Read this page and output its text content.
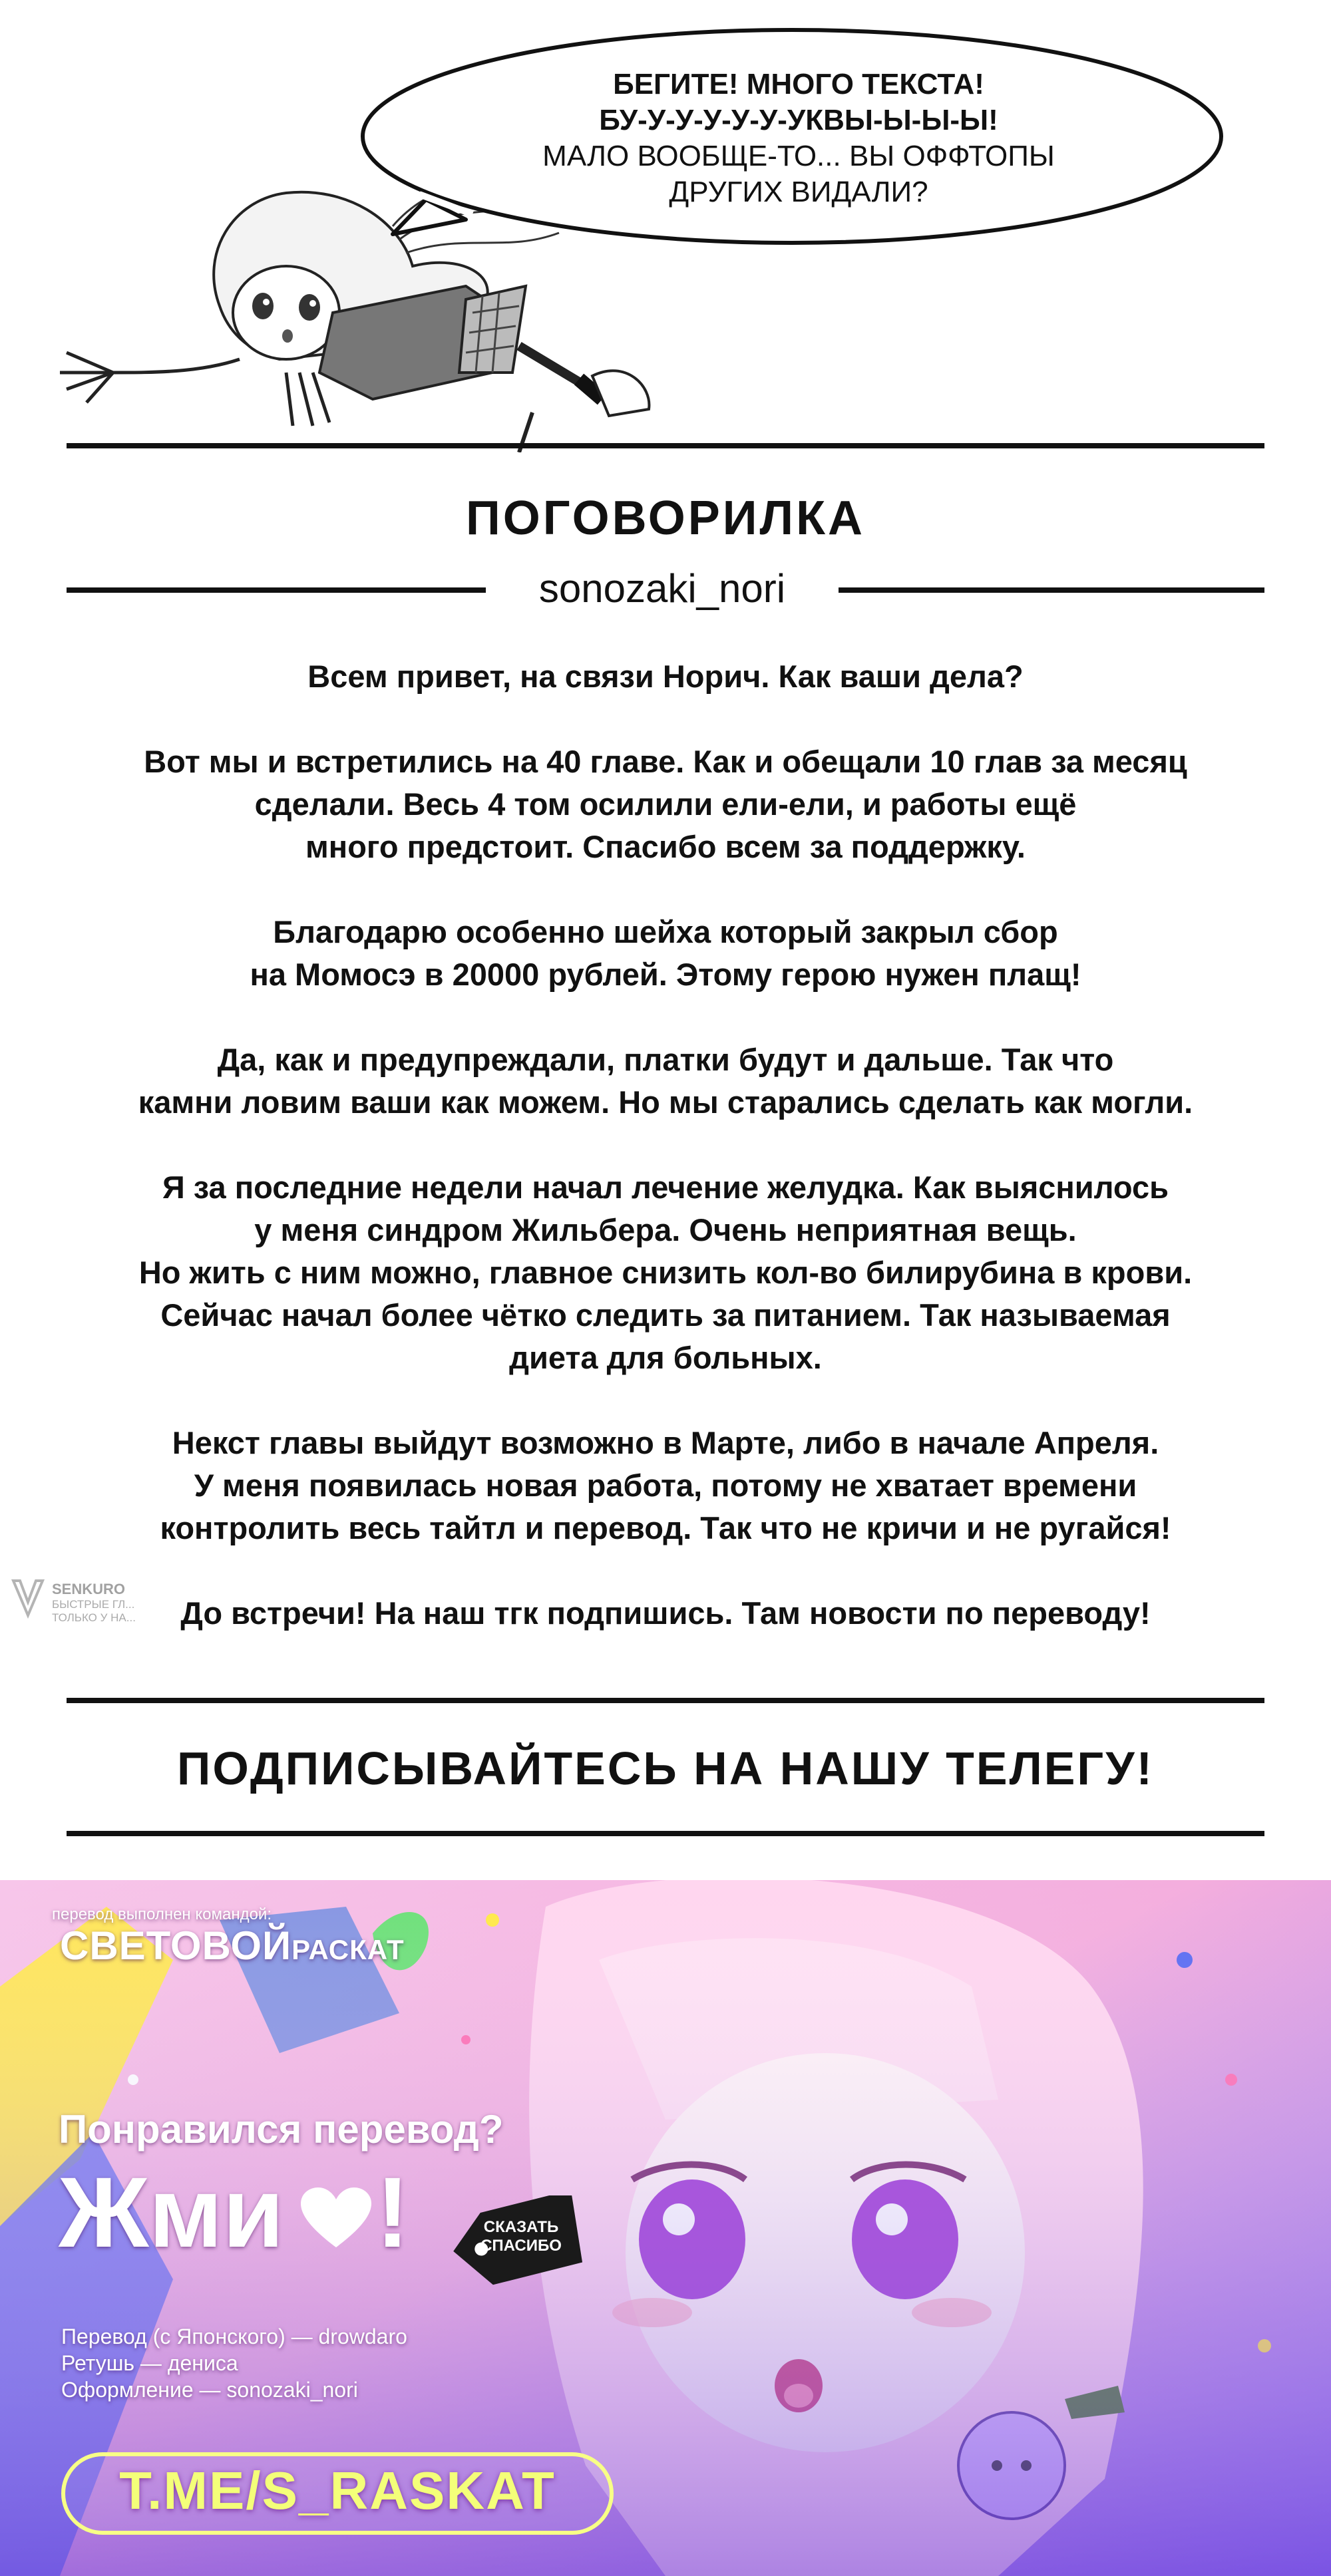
БЕГИТЕ! МНОГО ТЕКСТА!
БУ-У-У-У-У-У-УКВЫ-Ы-Ы-Ы!
МАЛО ВООБЩЕ-ТО... ВЫ ОФФТОПЫ
ДРУГИХ ВИДАЛИ?
ПОГОВОРИЛКА
sonozaki_nori

Всем привет, на связи Норич. Как ваши дела?

Вот мы и встретились на 40 главе. Как и обещали 10 глав за месяц
сделали. Весь 4 том осилили ели-ели, и работы ещё
много предстоит. Спасибо всем за поддержку.

Благодарю особенно шейха который закрыл сбор
на Момосэ в 20000 рублей. Этому герою нужен плащ!

Да, как и предупреждали, платки будут и дальше. Так что
камни ловим ваши как можем. Но мы старались сделать как могли.

Я за последние недели начал лечение желудка. Как выяснилось
у меня синдром Жильбера. Очень неприятная вещь.
Но жить с ним можно, главное снизить кол-во билирубина в крови.
Сейчас начал более чётко следить за питанием. Так называемая
диета для больных.

Некст главы выйдут возможно в Марте, либо в начале Апреля.
У меня появилась новая работа, потому не хватает времени
контролить весь тайтл и перевод. Так что не кричи и не ругайся!

До встречи! На наш тгк подпишись. Там новости по переводу!

SENKURO
БЫСТРЫЕ ГЛ... ТОЛЬКО У НА...
ПОДПИСЫВАЙТЕСЬ НА НАШУ ТЕЛЕГУ!
перевод выполнен командой:
СВЕТОВОЙРАСКАТ
Понравился перевод?
Жми !	СКАЗАТЬ СПАСИБО
Перевод (с Японского) — drowdaro
Ретушь — дениса
Оформление — sonozaki_nori
T.ME/S_RASKAT
